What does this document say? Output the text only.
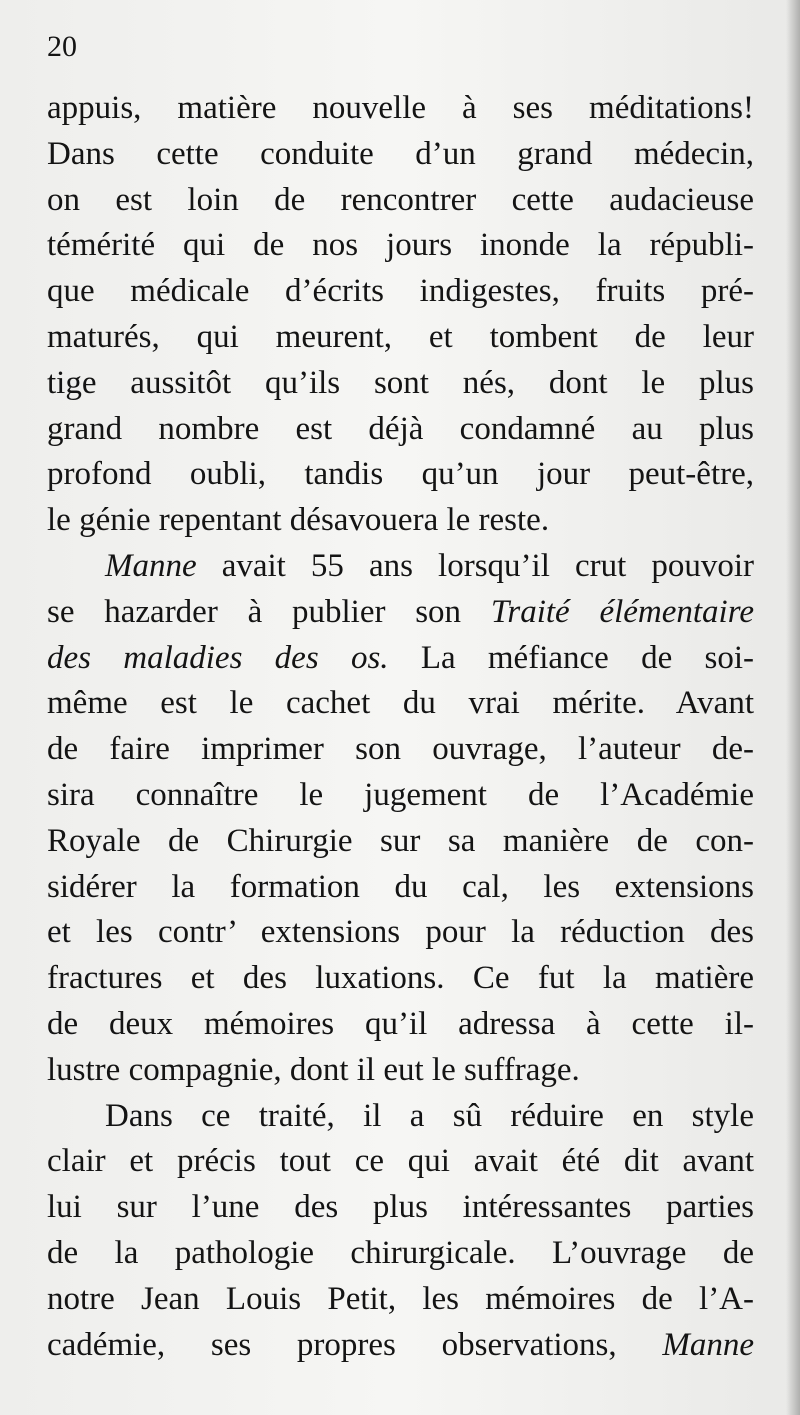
20
appuis, matière nouvelle à ses méditations!
Dans cette conduite d’un grand médecin,
on est loin de rencontrer cette audacieuse
témérité qui de nos jours inonde la républi-
que médicale d’écrits indigestes, fruits pré-
maturés, qui meurent, et tombent de leur
tige aussitôt qu’ils sont nés, dont le plus
grand nombre est déjà condamné au plus
profond oubli, tandis qu’un jour peut-être,
le génie repentant désavouera le reste.
Manne avait 55 ans lorsqu’il crut pouvoir
se hazarder à publier son Traité élémentaire
des maladies des os. La méfiance de soi-
même est le cachet du vrai mérite. Avant
de faire imprimer son ouvrage, l’auteur de-
sira connaître le jugement de l’Académie
Royale de Chirurgie sur sa manière de con-
sidérer la formation du cal, les extensions
et les contr’ extensions pour la réduction des
fractures et des luxations. Ce fut la matière
de deux mémoires qu’il adressa à cette il-
lustre compagnie, dont il eut le suffrage.
Dans ce traité, il a sû réduire en style
clair et précis tout ce qui avait été dit avant
lui sur l’une des plus intéressantes parties
de la pathologie chirurgicale. L’ouvrage de
notre Jean Louis Petit, les mémoires de l’A-
cadémie, ses propres observations, Manne
